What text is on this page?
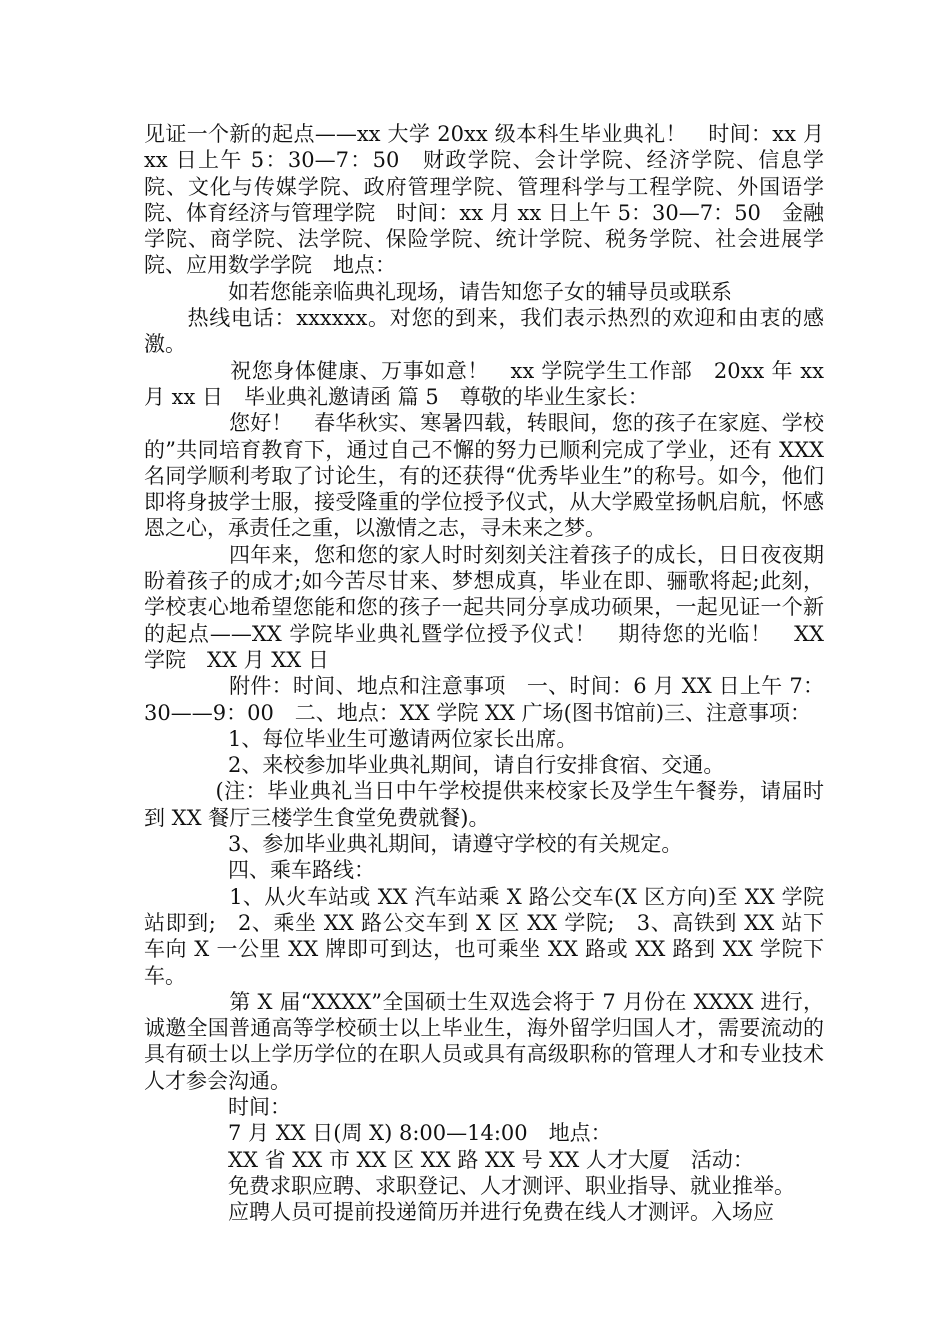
见证一个新的起点——xx 大学 20xx 级本科生毕业典礼！　时间：xx 月 xx 日上午 5：30—7：50　财政学院、会计学院、经济学院、信息学院、文化与传媒学院、政府管理学院、管理科学与工程学院、外国语学院、体育经济与管理学院　时间：xx 月 xx 日上午 5：30—7：50　金融学院、商学院、法学院、保险学院、统计学院、税务学院、社会进展学院、应用数学学院　地点：

　　　　如若您能亲临典礼现场，请告知您子女的辅导员或联系

　　热线电话：xxxxxx。对您的到来，我们表示热烈的欢迎和由衷的感激。

　　　　祝您身体健康、万事如意！　xx 学院学生工作部　20xx 年 xx 月 xx 日　毕业典礼邀请函 篇 5　尊敬的毕业生家长：

　　　　您好！　春华秋实、寒暑四载，转眼间，您的孩子在家庭、学校的”共同培育教育下，通过自己不懈的努力已顺利完成了学业，还有 XXX 名同学顺利考取了讨论生，有的还获得“优秀毕业生”的称号。如今，他们即将身披学士服，接受隆重的学位授予仪式，从大学殿堂扬帆启航，怀感恩之心，承责任之重，以激情之志，寻未来之梦。

　　　　四年来，您和您的家人时时刻刻关注着孩子的成长，日日夜夜期盼着孩子的成才;如今苦尽甘来、梦想成真，毕业在即、骊歌将起;此刻，学校衷心地希望您能和您的孩子一起共同分享成功硕果，一起见证一个新的起点——XX 学院毕业典礼暨学位授予仪式！　期待您的光临！　XX 学院　XX 月 XX 日

　　　　附件：时间、地点和注意事项　一、时间：6 月 XX 日上午 7：30——9：00　二、地点：XX 学院 XX 广场(图书馆前)三、注意事项：

　　　　1、每位毕业生可邀请两位家长出席。

　　　　2、来校参加毕业典礼期间，请自行安排食宿、交通。

　　　 (注：毕业典礼当日中午学校提供来校家长及学生午餐券，请届时到 XX 餐厅三楼学生食堂免费就餐)。

　　　　3、参加毕业典礼期间，请遵守学校的有关规定。

　　　　四、乘车路线：

　　　　1、从火车站或 XX 汽车站乘 X 路公交车(X 区方向)至 XX 学院站即到;　2、乘坐 XX 路公交车到 X 区 XX 学院;　3、高铁到 XX 站下车向 X 一公里 XX 牌即可到达，也可乘坐 XX 路或 XX 路到 XX 学院下车。

　　　　第 X 届“XXXX”全国硕士生双选会将于 7 月份在 XXXX 进行，诚邀全国普通高等学校硕士以上毕业生，海外留学归国人才，需要流动的具有硕士以上学历学位的在职人员或具有高级职称的管理人才和专业技术人才参会沟通。

　　　　时间：

　　　　7 月 XX 日(周 X) 8:00—14:00　地点：

　　　　XX 省 XX 市 XX 区 XX 路 XX 号 XX 人才大厦　活动：

　　　　免费求职应聘、求职登记、人才测评、职业指导、就业推举。

　　　　应聘人员可提前投递简历并进行免费在线人才测评。入场应
